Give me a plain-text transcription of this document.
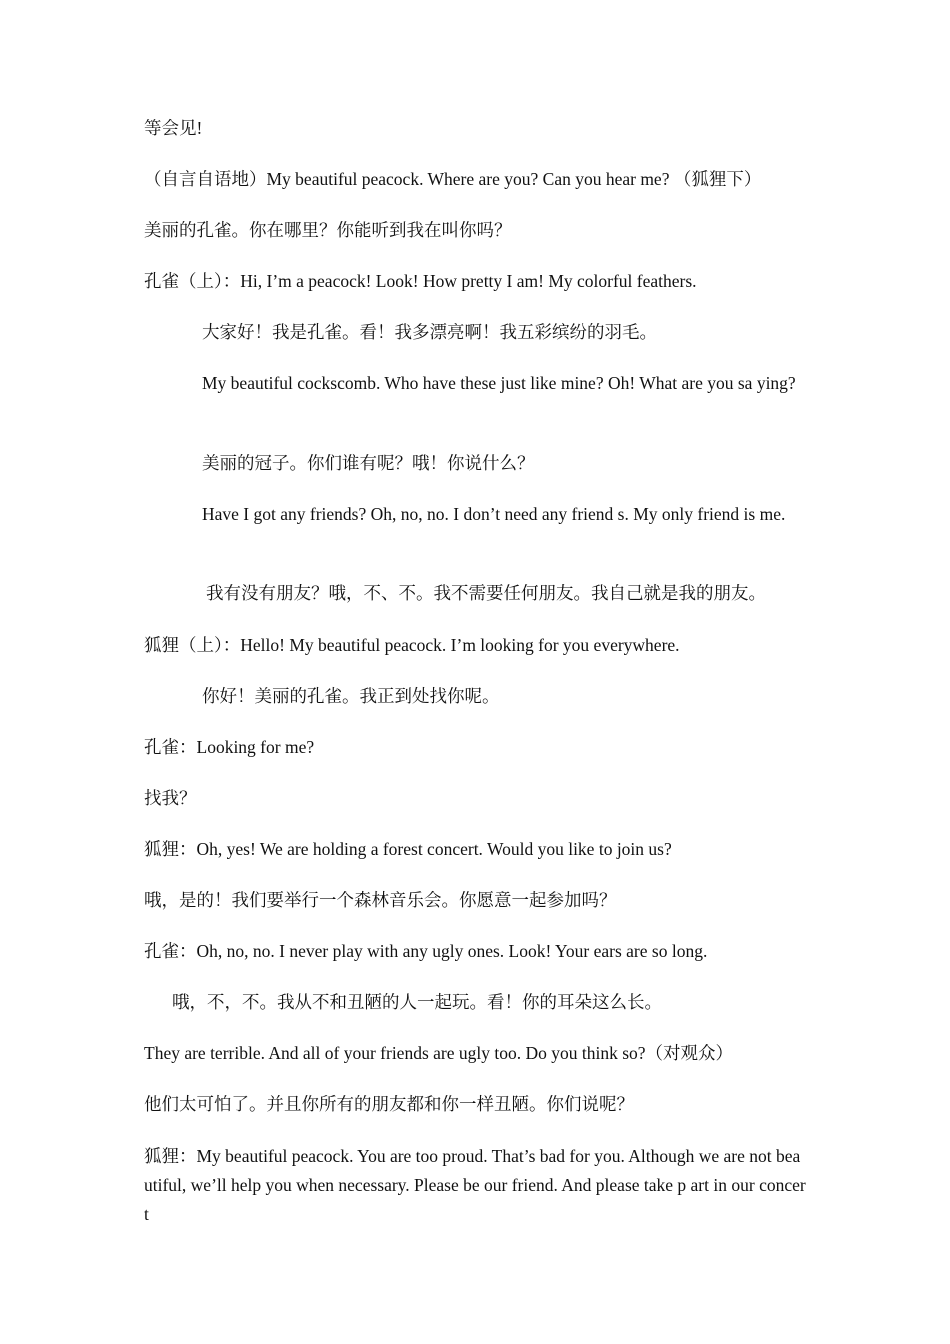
等会见!
（自言自语地）My beautiful peacock. Where are you? Can you hear me? （狐狸下）
美丽的孔雀。你在哪里？你能听到我在叫你吗？
孔雀（上）：Hi, I’m a peacock! Look! How pretty I am! My colorful feathers.
大家好！我是孔雀。看！我多漂亮啊！我五彩缤纷的羽毛。
My beautiful cockscomb. Who have these just like mine? Oh! What are you sa ying?
美丽的冠子。你们谁有呢？哦！你说什么？
Have I got any friends? Oh, no, no. I don’t need any friend s. My only friend is me.
我有没有朋友？哦，不、不。我不需要任何朋友。我自己就是我的朋友。
狐狸（上）：Hello! My beautiful peacock. I’m looking for you everywhere.
你好！美丽的孔雀。我正到处找你呢。
孔雀：Looking for me?
找我？
狐狸：Oh, yes! We are holding a forest concert. Would you like to join us?
哦，是的！我们要举行一个森林音乐会。你愿意一起参加吗？
孔雀：Oh, no, no. I never play with any ugly ones. Look! Your ears are so long.
哦，不，不。我从不和丑陋的人一起玩。看！你的耳朵这么长。
They are terrible. And all of your friends are ugly too. Do you think so?（对观众）
他们太可怕了。并且你所有的朋友都和你一样丑陋。你们说呢？
狐狸：My beautiful peacock. You are too proud. That’s bad for you. Although we are not beautiful, we’ll help you when necessary. Please be our friend. And please take p art in our concert
